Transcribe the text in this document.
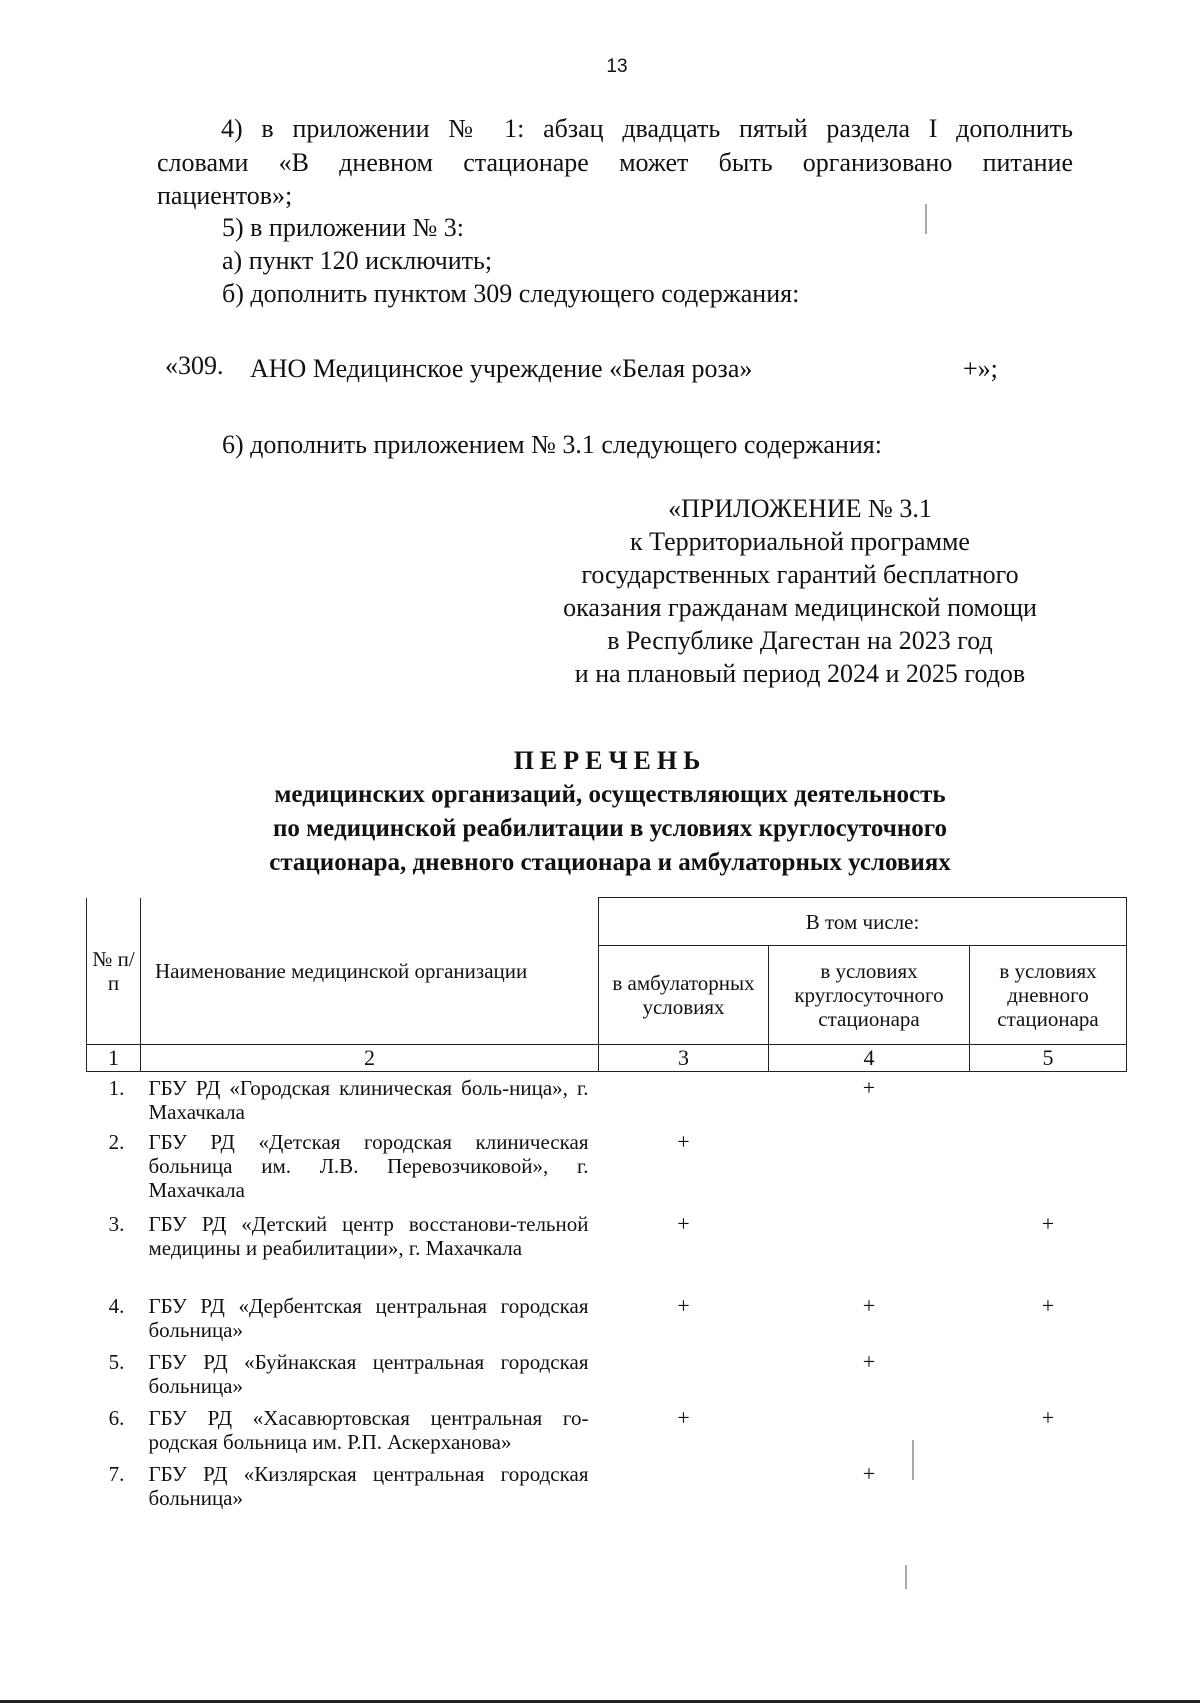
13
4) в приложении № 1: абзац двадцать пятый раздела I дополнить
словами «В дневном стационаре может быть организовано питание
пациентов»;
5) в приложении № 3:
а) пункт 120 исключить;
б) дополнить пунктом 309 следующего содержания:
«309. АНО Медицинское учреждение «Белая роза»	+»;
6) дополнить приложением № 3.1 следующего содержания:
«ПРИЛОЖЕНИЕ № 3.1
к Территориальной программе
государственных гарантий бесплатного
оказания гражданам медицинской помощи
в Республике Дагестан на 2023 год
и на плановый период 2024 и 2025 годов
ПЕРЕЧЕНЬ
медицинских организаций, осуществляющих деятельность
по медицинской реабилитации в условиях круглосуточного
стационара, дневного стационара и амбулаторных условиях
№ п/п	Наименование медицинской организации	В том числе:		
		в амбулаторных условиях	в условиях круглосуточного стационара	в условиях дневного стационара
1	2	3	4	5
1.	ГБУ РД «Городская клиническая боль-ница», г. Махачкала		+	
2.	ГБУ РД «Детская городская клиническая больница им. Л.В. Перевозчиковой», г. Махачкала	+		
3.	ГБУ РД «Детский центр восстанови-тельной медицины и реабилитации», г. Махачкала	+		+
4.	ГБУ РД «Дербентская центральная городская больница»	+	+	+
5.	ГБУ РД «Буйнакская центральная городская больница»		+	
6.	ГБУ РД «Хасавюртовская центральная го-родская больница им. Р.П. Аскерханова»	+		+
7.	ГБУ РД «Кизлярская центральная городская больница»		+	
